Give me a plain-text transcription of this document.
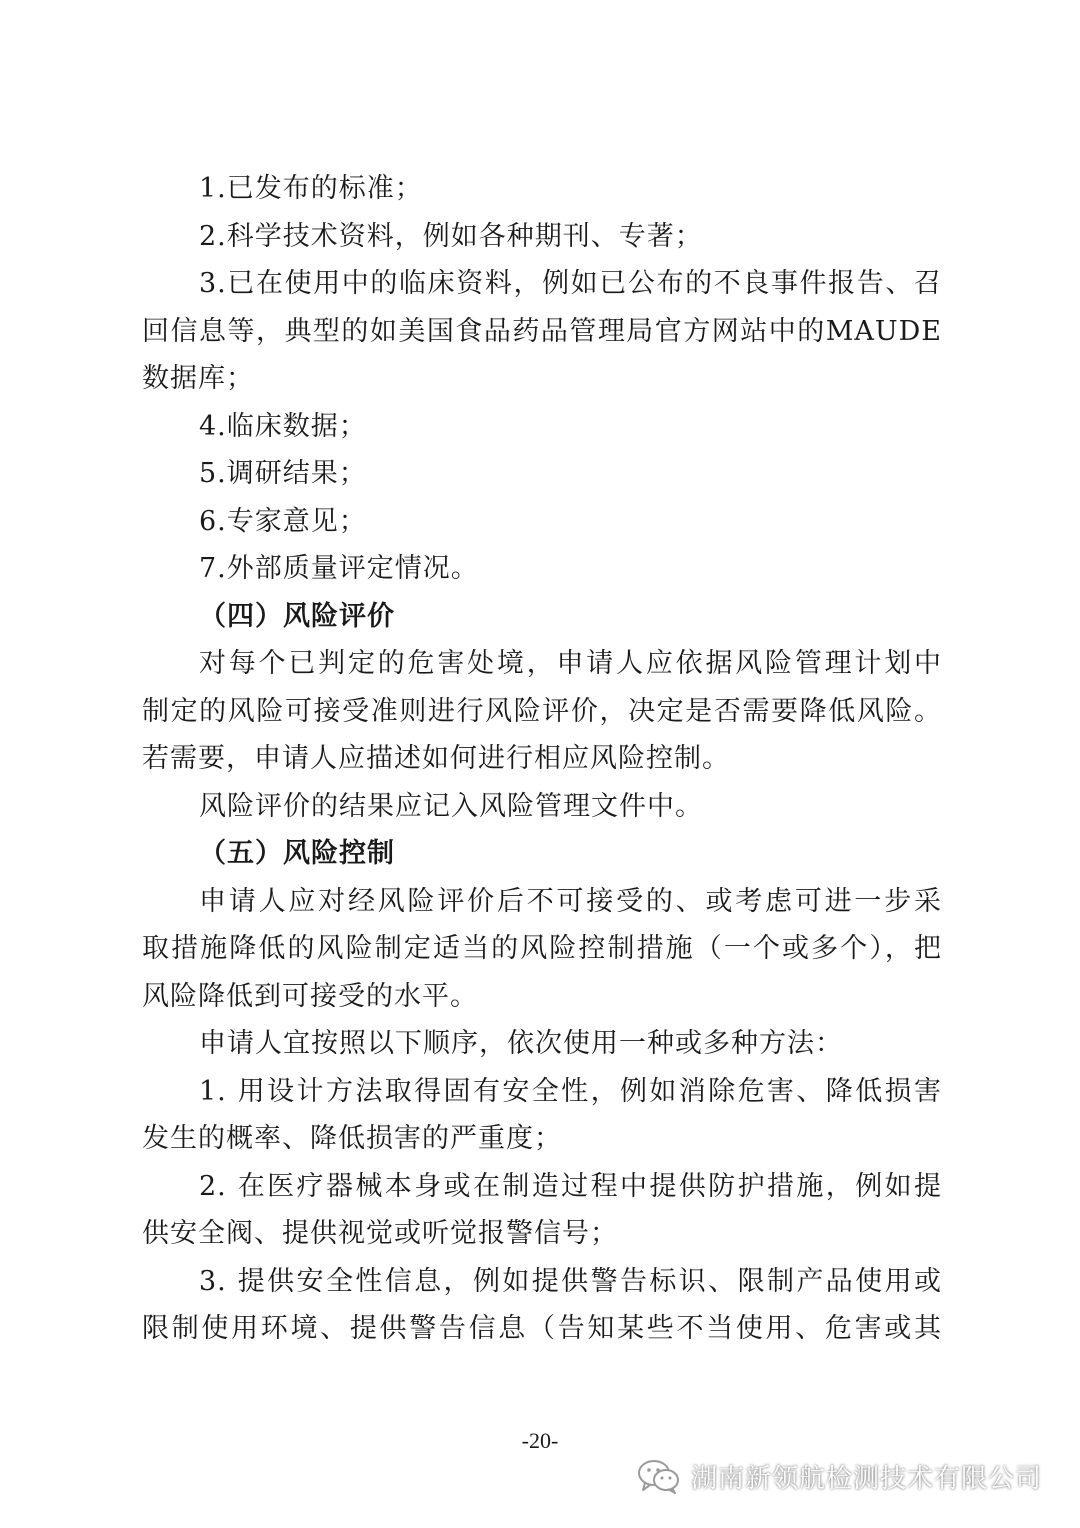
1.已发布的标准；
2.科学技术资料，例如各种期刊、专著；
3.已在使用中的临床资料，例如已公布的不良事件报告、召
回信息等，典型的如美国食品药品管理局官方网站中的MAUDE
数据库；
4.临床数据；
5.调研结果；
6.专家意见；
7.外部质量评定情况。
（四）风险评价
对每个已判定的危害处境，申请人应依据风险管理计划中
制定的风险可接受准则进行风险评价，决定是否需要降低风险。
若需要，申请人应描述如何进行相应风险控制。
风险评价的结果应记入风险管理文件中。
（五）风险控制
申请人应对经风险评价后不可接受的、或考虑可进一步采
取措施降低的风险制定适当的风险控制措施（一个或多个），把
风险降低到可接受的水平。
申请人宜按照以下顺序，依次使用一种或多种方法：
1. 用设计方法取得固有安全性，例如消除危害、降低损害
发生的概率、降低损害的严重度；
2. 在医疗器械本身或在制造过程中提供防护措施，例如提
供安全阀、提供视觉或听觉报警信号；
3. 提供安全性信息，例如提供警告标识、限制产品使用或
限制使用环境、提供警告信息（告知某些不当使用、危害或其
-20-
湖南新领航检测技术有限公司
